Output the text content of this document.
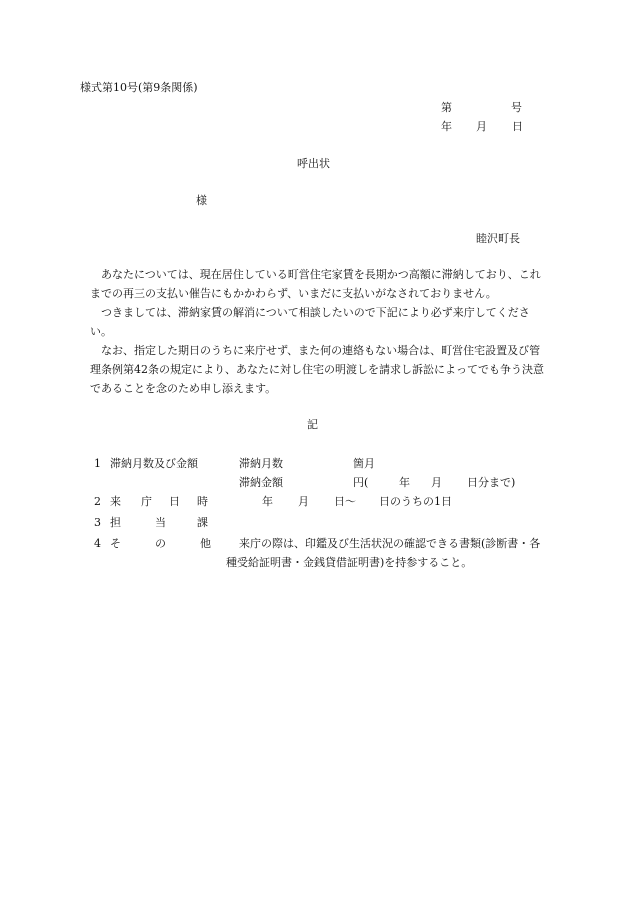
様式第10号(第9条関係)
第	号
年 月 日
呼出状
様
睦沢町長

　あなたについては、現在居住している町営住宅家賃を長期かつ高額に滞納しており、これまでの再三の支払い催告にもかかわらず、いまだに支払いがなされておりません。

　つきましては、滞納家賃の解消について相談したいので下記により必ず来庁してください。

　なお、指定した期日のうちに来庁せず、また何の連絡もない場合は、町営住宅設置及び管理条例第42条の規定により、あなたに対し住宅の明渡しを請求し訴訟によってでも争う決意であることを念のため申し添えます。

記
1 滞納月数及び金額	滞納月数	箇月
滞納金額	円(	年 月 日分まで)
2 来 庁 日 時	年 月 日〜 日のうちの1日
3 担	当	課
4 そ	の	他	来庁の際は、印鑑及び生活状況の確認できる書類(診断書・各
種受給証明書・金銭貸借証明書)を持参すること。
